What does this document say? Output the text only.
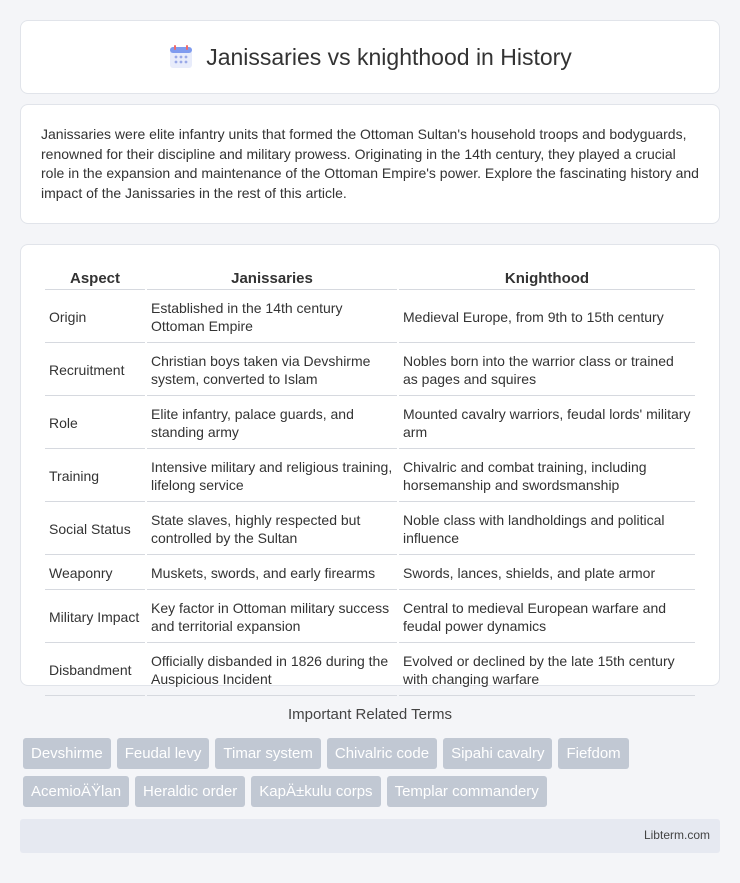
Janissaries vs knighthood in History

Janissaries were elite infantry units that formed the Ottoman Sultan's household troops and bodyguards, renowned for their discipline and military prowess. Originating in the 14th century, they played a crucial role in the expansion and maintenance of the Ottoman Empire's power. Explore the fascinating history and impact of the Janissaries in the rest of this article.

Aspect	Janissaries	Knighthood
Origin	Established in the 14th century Ottoman Empire	Medieval Europe, from 9th to 15th century
Recruitment	Christian boys taken via Devshirme system, converted to Islam	Nobles born into the warrior class or trained as pages and squires
Role	Elite infantry, palace guards, and standing army	Mounted cavalry warriors, feudal lords' military arm
Training	Intensive military and religious training, lifelong service	Chivalric and combat training, including horsemanship and swordsmanship
Social Status	State slaves, highly respected but controlled by the Sultan	Noble class with landholdings and political influence
Weaponry	Muskets, swords, and early firearms	Swords, lances, shields, and plate armor
Military Impact	Key factor in Ottoman military success and territorial expansion	Central to medieval European warfare and feudal power dynamics
Disbandment	Officially disbanded in 1826 during the Auspicious Incident	Evolved or declined by the late 15th century with changing warfare
Important Related Terms
Devshirme	Feudal levy	Timar system	Chivalric code	Sipahi cavalry	Fiefdom
AcemioÄŸlan	Heraldic order	KapÄ±kulu corps	Templar commandery
Libterm.com
